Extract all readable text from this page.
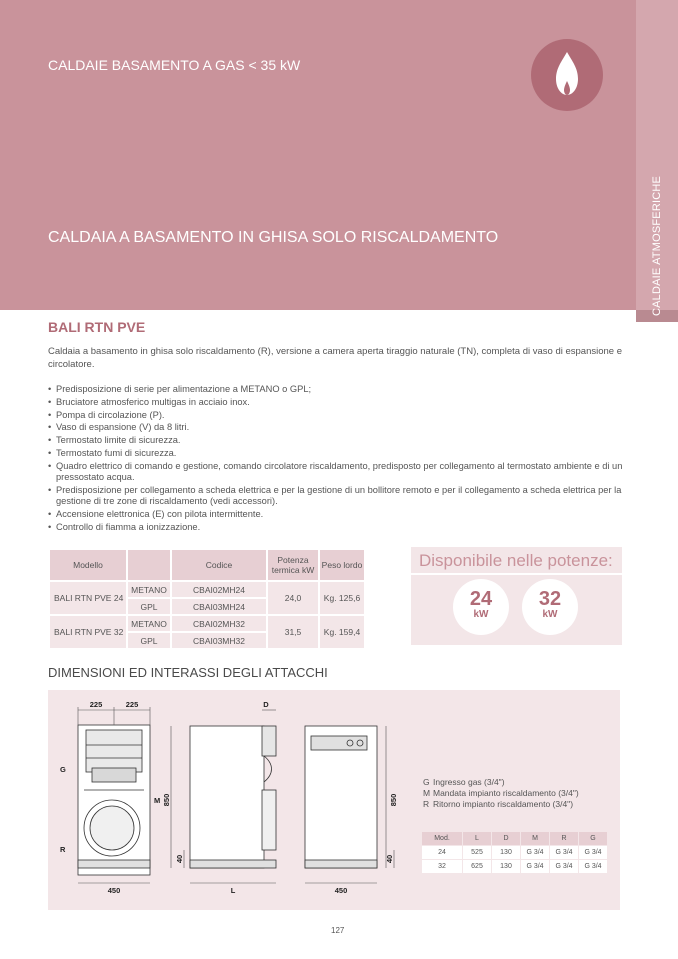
CALDAIE ATMOSFERICHE
CALDAIE BASAMENTO A GAS < 35 kW
CALDAIA A BASAMENTO IN GHISA SOLO RISCALDAMENTO
BALI RTN PVE
Caldaia a basamento in ghisa solo riscaldamento (R), versione a camera aperta tiraggio naturale (TN), completa di vaso di espansione e circolatore.
• Predisposizione di serie per alimentazione a METANO o GPL;
• Bruciatore atmosferico multigas in acciaio inox.
• Pompa di circolazione (P).
• Vaso di espansione (V) da 8 litri.
• Termostato limite di sicurezza.
• Termostato fumi di sicurezza.
• Quadro elettrico di comando e gestione, comando circolatore riscaldamento, predisposto per collegamento al termostato ambiente e di un pressostato acqua.
• Predisposizione per collegamento a scheda elettrica e per la gestione di un bollitore remoto e per il collegamento a scheda elettrica per la gestione di tre zone di riscaldamento (vedi accessori).
• Accensione elettronica (E) con pilota intermittente.
• Controllo di fiamma a ionizzazione.
Modello		Codice	Potenza termica kW	Peso lordo
BALI RTN PVE 24	METANO	CBAI02MH24	24,0	Kg. 125,6
	GPL	CBAI03MH24		
BALI RTN PVE 32	METANO	CBAI02MH32	31,5	Kg. 159,4
	GPL	CBAI03MH32		
Disponibile nelle potenze:
24
kW
32
kW
DIMENSIONI ED INTERASSI DEGLI ATTACCHI
225	225	D
G
M
R
450	L	450
850	850
40	40
G Ingresso gas (3/4")
M Mandata impianto riscaldamento (3/4")
R Ritorno impianto riscaldamento (3/4")
Mod.	L	D	M	R	G
24	525	130	G 3/4	G 3/4	G 3/4
32	625	130	G 3/4	G 3/4	G 3/4
127
